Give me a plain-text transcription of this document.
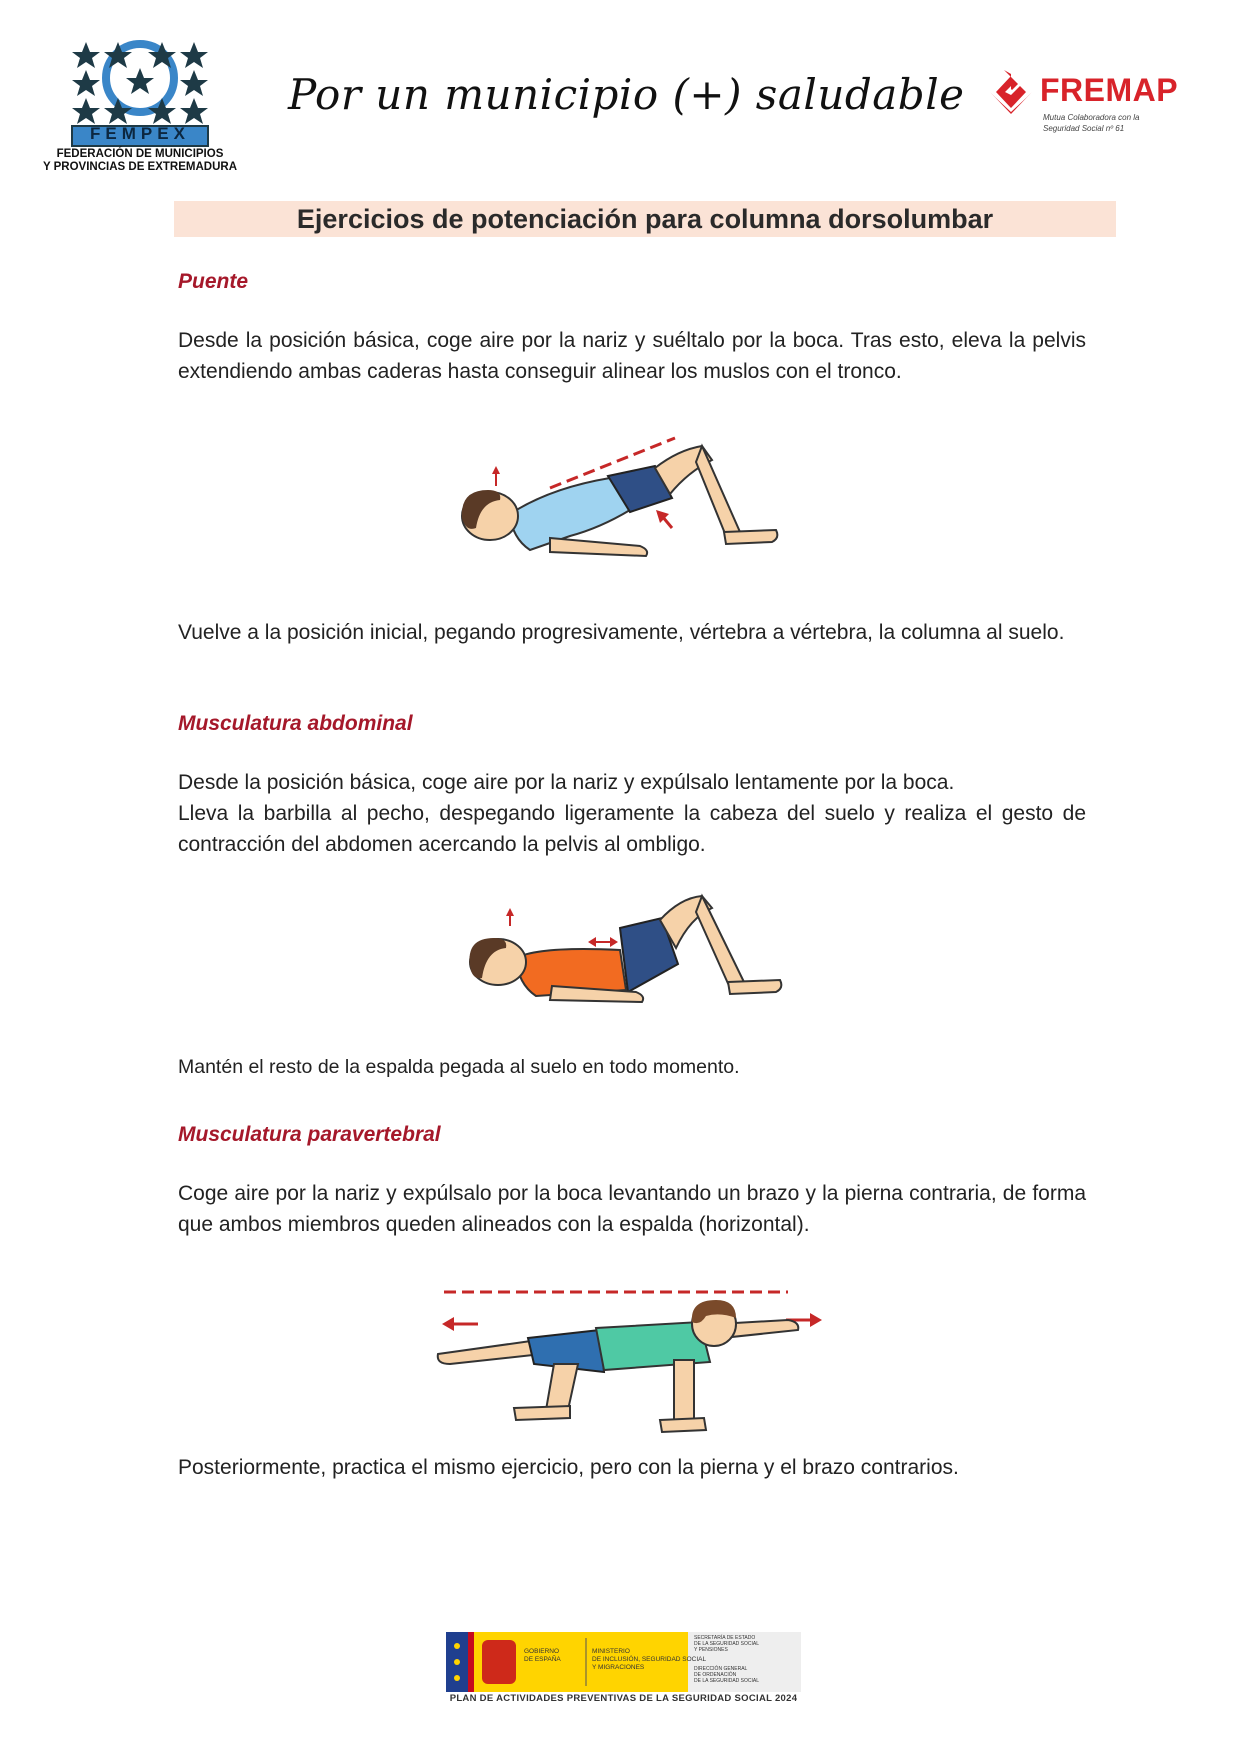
FEMPEX
FEDERACIÓN DE MUNICIPIOS
Y PROVINCIAS DE EXTREMADURA
Por un municipio (+) saludable FREMAP
Mutua Colaboradora con la
Seguridad Social nº 61
Ejercicios de potenciación para columna dorsolumbar
Puente
Desde la posición básica, coge aire por la nariz y suéltalo por la boca. Tras esto, eleva la pelvis extendiendo ambas caderas hasta conseguir alinear los muslos con el tronco.
Vuelve a la posición inicial, pegando progresivamente, vértebra a vértebra, la columna al suelo.
Musculatura abdominal
Desde la posición básica, coge aire por la nariz y expúlsalo lentamente por la boca.
Lleva la barbilla al pecho, despegando ligeramente la cabeza del suelo y realiza el gesto de contracción del abdomen acercando la pelvis al ombligo.
Mantén el resto de la espalda pegada al suelo en todo momento.
Musculatura paravertebral
Coge aire por la nariz y expúlsalo por la boca levantando un brazo y la pierna contraria, de forma que ambos miembros queden alineados con la espalda (horizontal).
Posteriormente, practica el mismo ejercicio, pero con la pierna y el brazo contrarios.
GOBIERNO
DE ESPAÑA
MINISTERIO
DE INCLUSIÓN, SEGURIDAD SOCIAL
Y MIGRACIONES
SECRETARÍA DE ESTADO
DE LA SEGURIDAD SOCIAL
Y PENSIONES
DIRECCIÓN GENERAL
DE ORDENACIÓN
DE LA SEGURIDAD SOCIAL
PLAN DE ACTIVIDADES PREVENTIVAS DE LA SEGURIDAD SOCIAL 2024
